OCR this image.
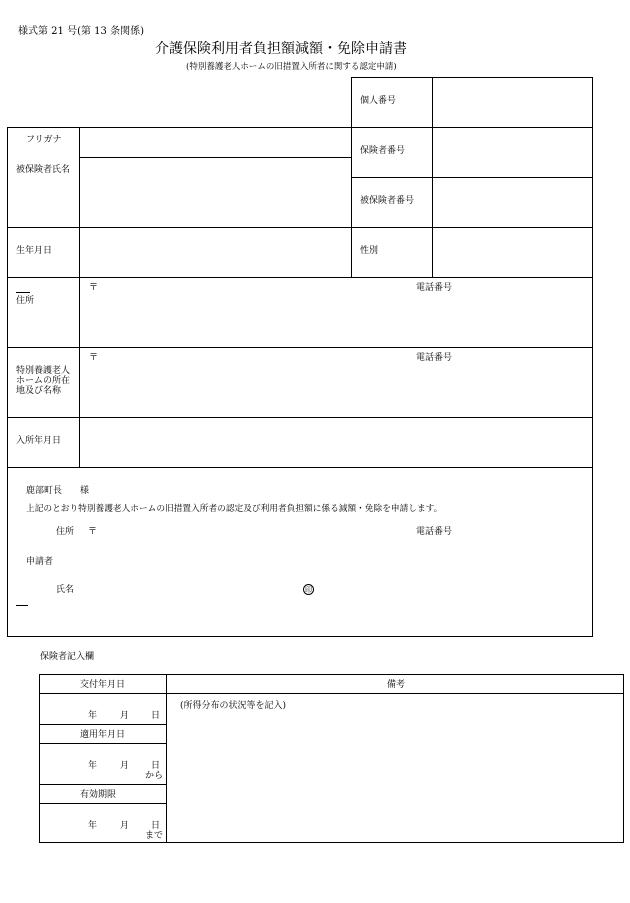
様式第 21 号(第 13 条関係)
介護保険利用者負担額減額・免除申請書
(特別養護老人ホームの旧措置入所者に関する認定申請)
個人番号
フリガナ
被保険者氏名
保険者番号
被保険者番号
生年月日	性別
住所
〒	電話番号
特別養護老人
ホームの所在
地及び名称
〒	電話番号
入所年月日
鹿部町長　　様
上記のとおり特別養護老人ホームの旧措置入所者の認定及び利用者負担額に係る減額・免除を申請します。
住所 〒	電話番号
申請者
氏名	印
保険者記入欄
交付年月日	備考
(所得分布の状況等を記入)
年	月 日
適用年月日
年	月 日
から
有効期限
年	月 日
まで
